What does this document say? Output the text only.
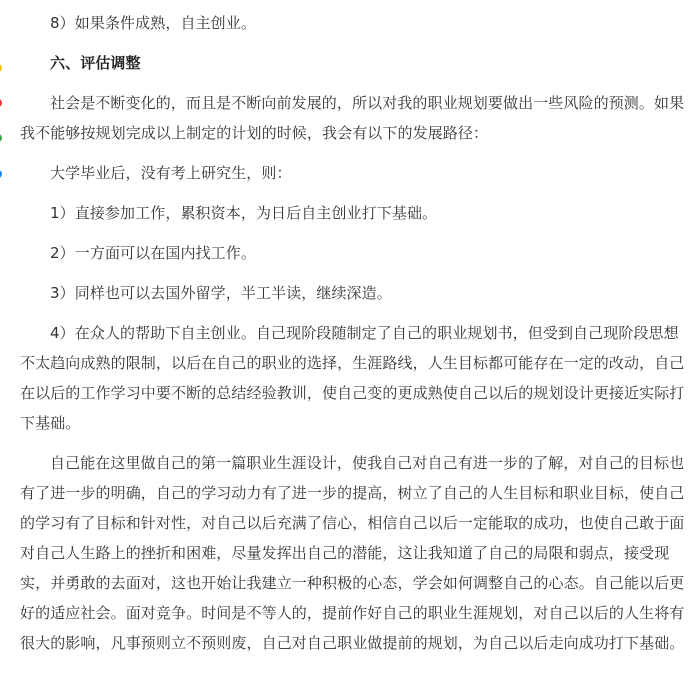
8）如果条件成熟，自主创业。

六、评估调整

社会是不断变化的，而且是不断向前发展的，所以对我的职业规划要做出一些风险的预测。如果我不能够按规划完成以上制定的计划的时候，我会有以下的发展路径：

大学毕业后，没有考上研究生，则：

1）直接参加工作，累积资本，为日后自主创业打下基础。

2）一方面可以在国内找工作。

3）同样也可以去国外留学，半工半读，继续深造。

4）在众人的帮助下自主创业。自己现阶段随制定了自己的职业规划书，但受到自己现阶段思想不太趋向成熟的限制，以后在自己的职业的选择，生涯路线，人生目标都可能存在一定的改动，自己在以后的工作学习中要不断的总结经验教训，使自己变的更成熟使自己以后的规划设计更接近实际打下基础。

自己能在这里做自己的第一篇职业生涯设计，使我自己对自己有进一步的了解，对自己的目标也有了进一步的明确，自己的学习动力有了进一步的提高，树立了自己的人生目标和职业目标，使自己的学习有了目标和针对性，对自己以后充满了信心，相信自己以后一定能取的成功，也使自己敢于面对自己人生路上的挫折和困难，尽量发挥出自己的潜能，这让我知道了自己的局限和弱点，接受现实，并勇敢的去面对，这也开始让我建立一种积极的心态，学会如何调整自己的心态。自己能以后更好的适应社会。面对竞争。时间是不等人的，提前作好自己的职业生涯规划，对自己以后的人生将有很大的影响，凡事预则立不预则废，自己对自己职业做提前的规划，为自己以后走向成功打下基础。
